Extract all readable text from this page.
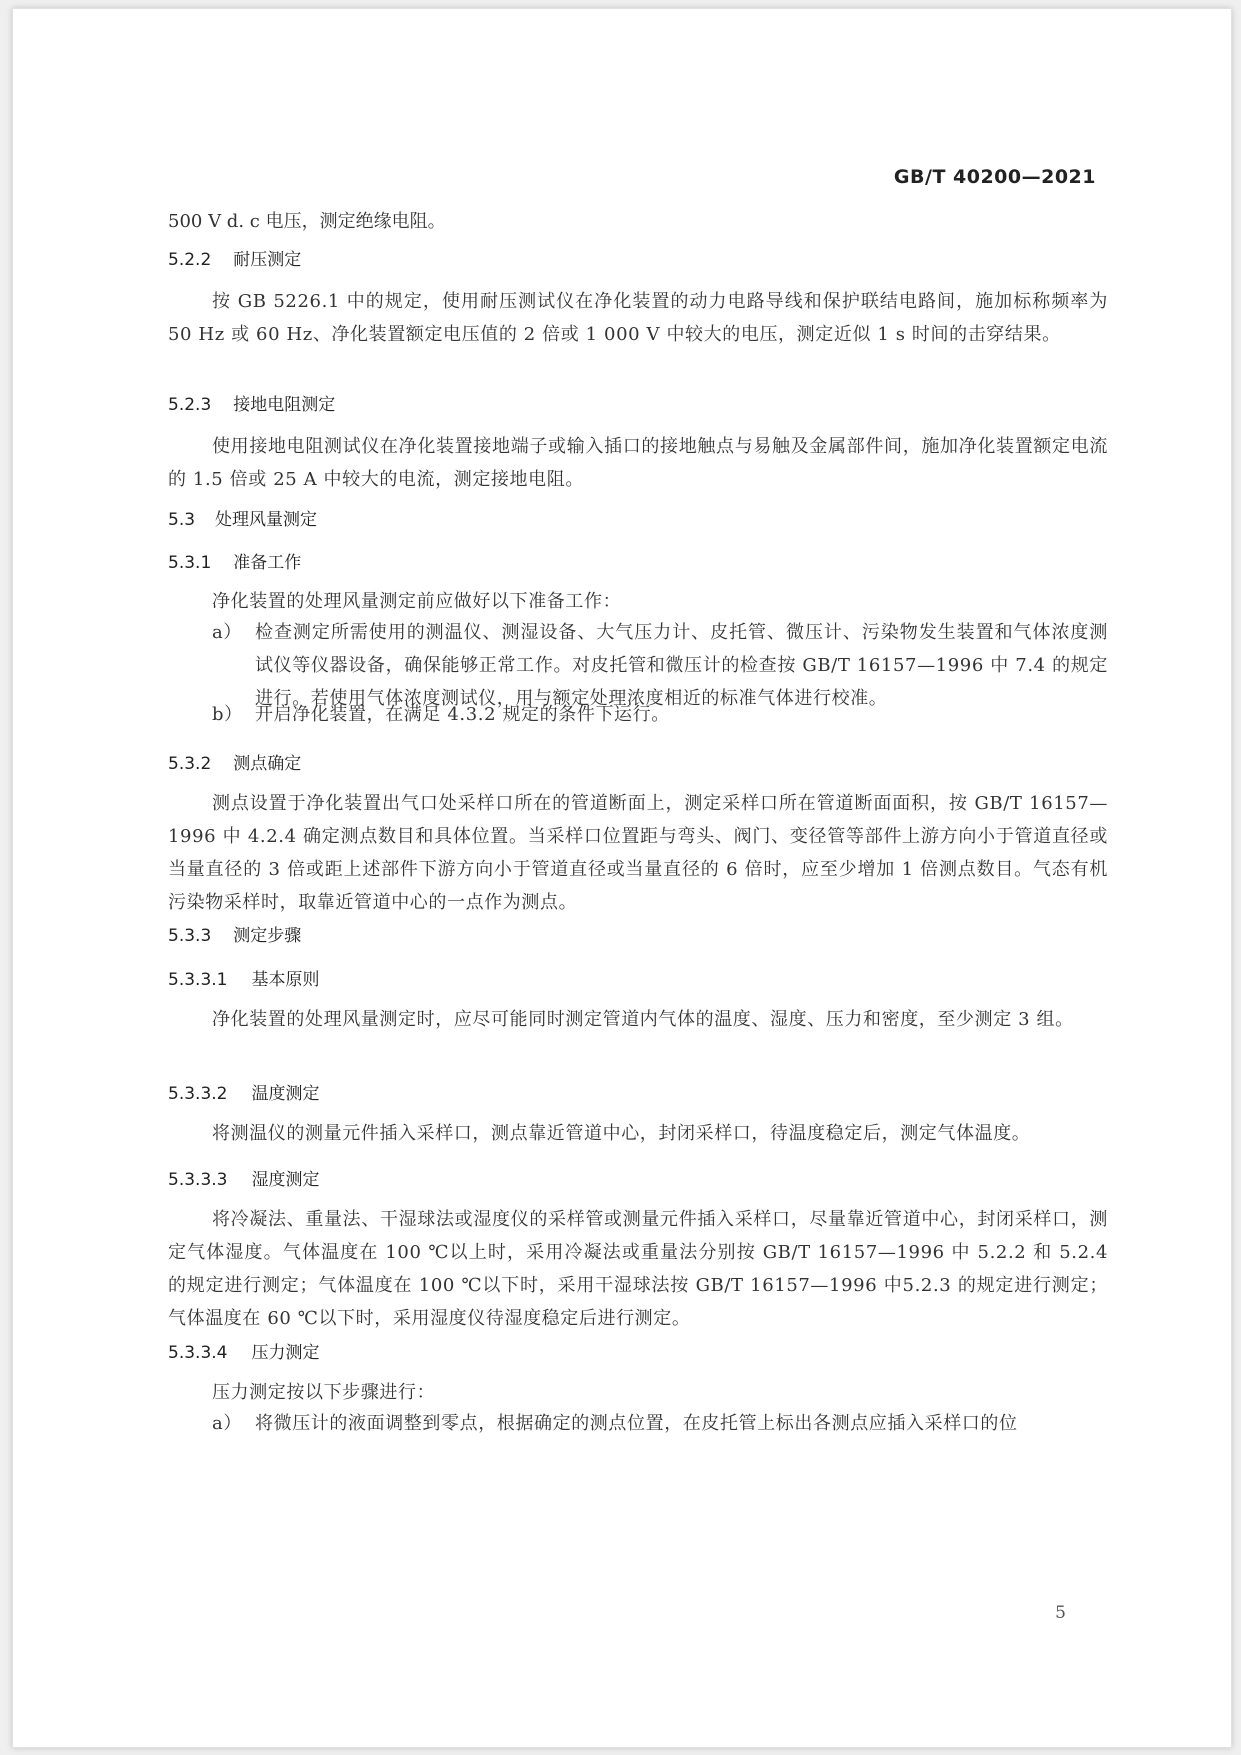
GB/T 40200—2021
500 V d. c 电压，测定绝缘电阻。
5.2.2 耐压测定

按 GB 5226.1 中的规定，使用耐压测试仪在净化装置的动力电路导线和保护联结电路间，施加标称频率为 50 Hz 或 60 Hz、净化装置额定电压值的 2 倍或 1 000 V 中较大的电压，测定近似 1 s 时间的击穿结果。

5.2.3 接地电阻测定

使用接地电阻测试仪在净化装置接地端子或输入插口的接地触点与易触及金属部件间，施加净化装置额定电流的 1.5 倍或 25 A 中较大的电流，测定接地电阻。

5.3 处理风量测定
5.3.1 准备工作

净化装置的处理风量测定前应做好以下准备工作：

a） 检查测定所需使用的测温仪、测湿设备、大气压力计、皮托管、微压计、污染物发生装置和气体浓度测试仪等仪器设备，确保能够正常工作。对皮托管和微压计的检查按 GB/T 16157—1996 中 7.4 的规定进行。若使用气体浓度测试仪，用与额定处理浓度相近的标准气体进行校准。
b） 开启净化装置，在满足 4.3.2 规定的条件下运行。
5.3.2 测点确定

测点设置于净化装置出气口处采样口所在的管道断面上，测定采样口所在管道断面面积，按 GB/T 16157—1996 中 4.2.4 确定测点数目和具体位置。当采样口位置距与弯头、阀门、变径管等部件上游方向小于管道直径或当量直径的 3 倍或距上述部件下游方向小于管道直径或当量直径的 6 倍时，应至少增加 1 倍测点数目。气态有机污染物采样时，取靠近管道中心的一点作为测点。

5.3.3 测定步骤
5.3.3.1 基本原则

净化装置的处理风量测定时，应尽可能同时测定管道内气体的温度、湿度、压力和密度，至少测定 3 组。

5.3.3.2 温度测定

将测温仪的测量元件插入采样口，测点靠近管道中心，封闭采样口，待温度稳定后，测定气体温度。

5.3.3.3 湿度测定

将冷凝法、重量法、干湿球法或湿度仪的采样管或测量元件插入采样口，尽量靠近管道中心，封闭采样口，测定气体湿度。气体温度在 100 ℃以上时，采用冷凝法或重量法分别按 GB/T 16157—1996 中 5.2.2 和 5.2.4 的规定进行测定；气体温度在 100 ℃以下时，采用干湿球法按 GB/T 16157—1996 中5.2.3 的规定进行测定；气体温度在 60 ℃以下时，采用湿度仪待湿度稳定后进行测定。

5.3.3.4 压力测定

压力测定按以下步骤进行：

a） 将微压计的液面调整到零点，根据确定的测点位置，在皮托管上标出各测点应插入采样口的位
5
